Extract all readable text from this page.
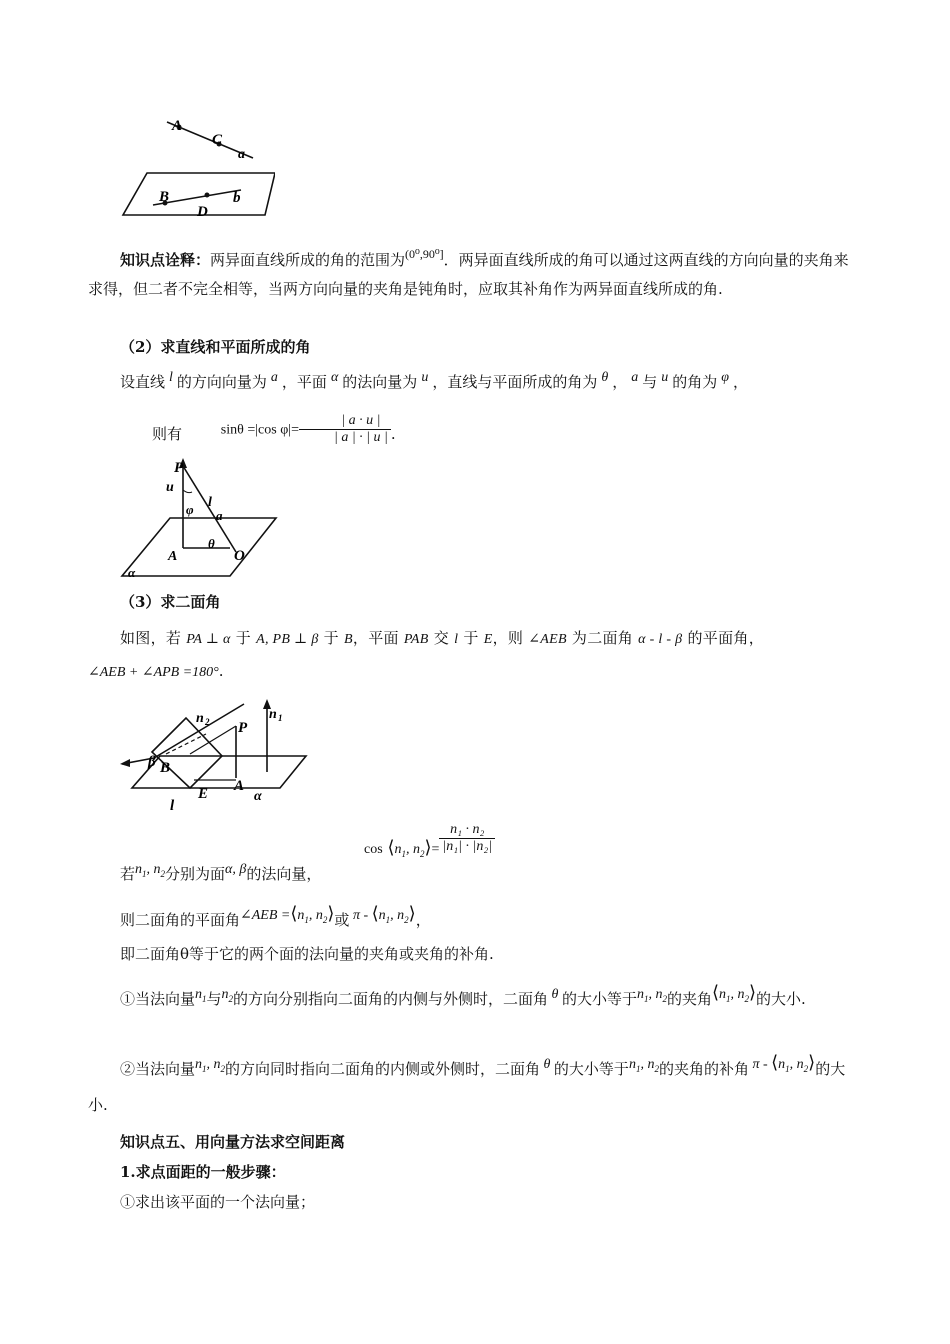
A
C
a
B	b
D
知识点诠释：两异面直线所成的角的范围为$^{(0^0,90^0]}$．两异面直线所成的角可以通过这两直线的方向向量的夹角来求得，但二者不完全相等，当两方向向量的夹角是钝角时，应取其补角作为两异面直线所成的角.
（2）求直线和平面所成的角
设直线 l 的方向向量为 a ，平面 α 的法向量为 u ，直线与平面所成的角为 θ ， a 与 u 的角为 φ ，
则有	sinθ =|cos $\varphi|= \frac{| a \cdot u |}{| a | \cdot | u |}$ .
P
u
l
φ a
θ
A	O
α
（3）求二面角
如图，若 PA ⊥ α 于 A, PB ⊥ β 于 B，平面 PAB 交 l 于 E，则 ∠AEB 为二面角 α - l - β 的平面角，
∠AEB + ∠APB =180°.
n 2	n 1
P
β B
E A
α
l
$\cos ⟨n_1$, $n_2⟩= \frac{\text{n₁ · n₂}}{\text{|n₁| · |n₂|}}$
若$n_1$, $n_2$分别为面α, β的法向量，
则二面角的平面角∠AEB $=⟨n_1$, $n_2⟩$或 π - $⟨n_1$, $n_2⟩$，
即二面角θ等于它的两个面的法向量的夹角或夹角的补角.
①当法向量$n_1$与$n_2$的方向分别指向二面角的内侧与外侧时，二面角 θ 的大小等于$n_1$, $n_2$的夹角$⟨n_1$, $n_2⟩$的大小.
②当法向量$n_1$, $n_2$的方向同时指向二面角的内侧或外侧时，二面角 θ 的大小等于$n_1$, $n_2$的夹角的补角 π - $⟨n_1$, $n_2⟩$的大小.
知识点五、用向量方法求空间距离
1.求点面距的一般步骤：
①求出该平面的一个法向量；
